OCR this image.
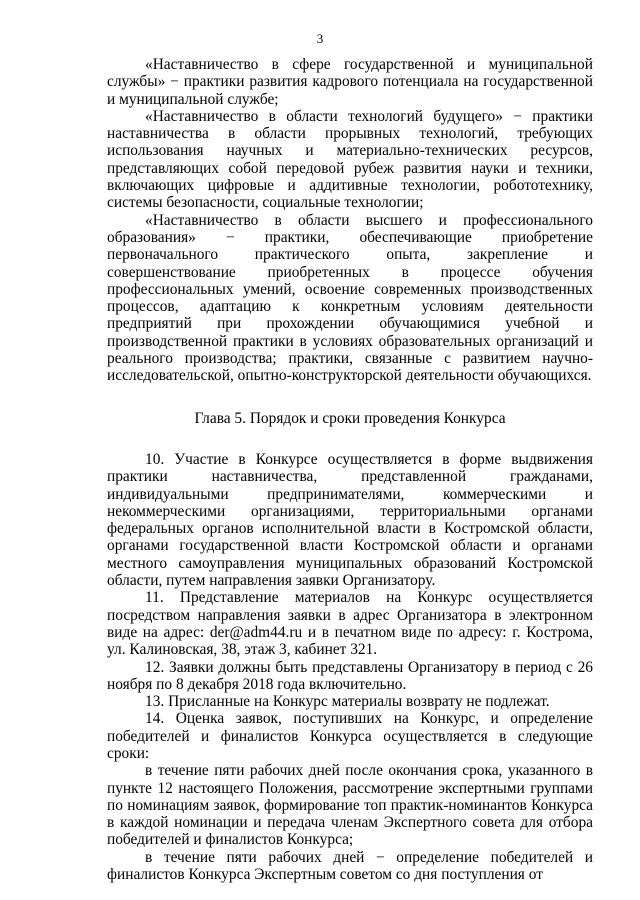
3

«Наставничество в сфере государственной и муниципальной службы» − практики развития кадрового потенциала на государственной и муниципальной службе;

«Наставничество в области технологий будущего» − практики наставничества в области прорывных технологий, требующих использования научных и материально-технических ресурсов, представляющих собой передовой рубеж развития науки и техники, включающих цифровые и аддитивные технологии, робототехнику, системы безопасности, социальные технологии;

«Наставничество в области высшего и профессионального образования» − практики, обеспечивающие приобретение первоначального практического опыта, закрепление и совершенствование приобретенных в процессе обучения профессиональных умений, освоение современных производственных процессов, адаптацию к конкретным условиям деятельности предприятий при прохождении обучающимися учебной и производственной практики в условиях образовательных организаций и реального производства; практики, связанные с развитием научно-исследовательской, опытно-конструкторской деятельности обучающихся.

Глава 5. Порядок и сроки проведения Конкурса

10. Участие в Конкурсе осуществляется в форме выдвижения практики наставничества, представленной гражданами, индивидуальными предпринимателями, коммерческими и некоммерческими организациями, территориальными органами федеральных органов исполнительной власти в Костромской области, органами государственной власти Костромской области и органами местного самоуправления муниципальных образований Костромской области, путем направления заявки Организатору.

11. Представление материалов на Конкурс осуществляется посредством направления заявки в адрес Организатора в электронном виде на адрес: der@adm44.ru и в печатном виде по адресу: г. Кострома, ул. Калиновская, 38, этаж 3, кабинет 321.

12. Заявки должны быть представлены Организатору в период с 26 ноября по 8 декабря 2018 года включительно.

13. Присланные на Конкурс материалы возврату не подлежат.

14. Оценка заявок, поступивших на Конкурс, и определение победителей и финалистов Конкурса осуществляется в следующие сроки:

в течение пяти рабочих дней после окончания срока, указанного в пункте 12 настоящего Положения, рассмотрение экспертными группами по номинациям заявок, формирование топ практик-номинантов Конкурса в каждой номинации и передача членам Экспертного совета для отбора победителей и финалистов Конкурса;

в течение пяти рабочих дней − определение победителей и финалистов Конкурса Экспертным советом со дня поступления от
